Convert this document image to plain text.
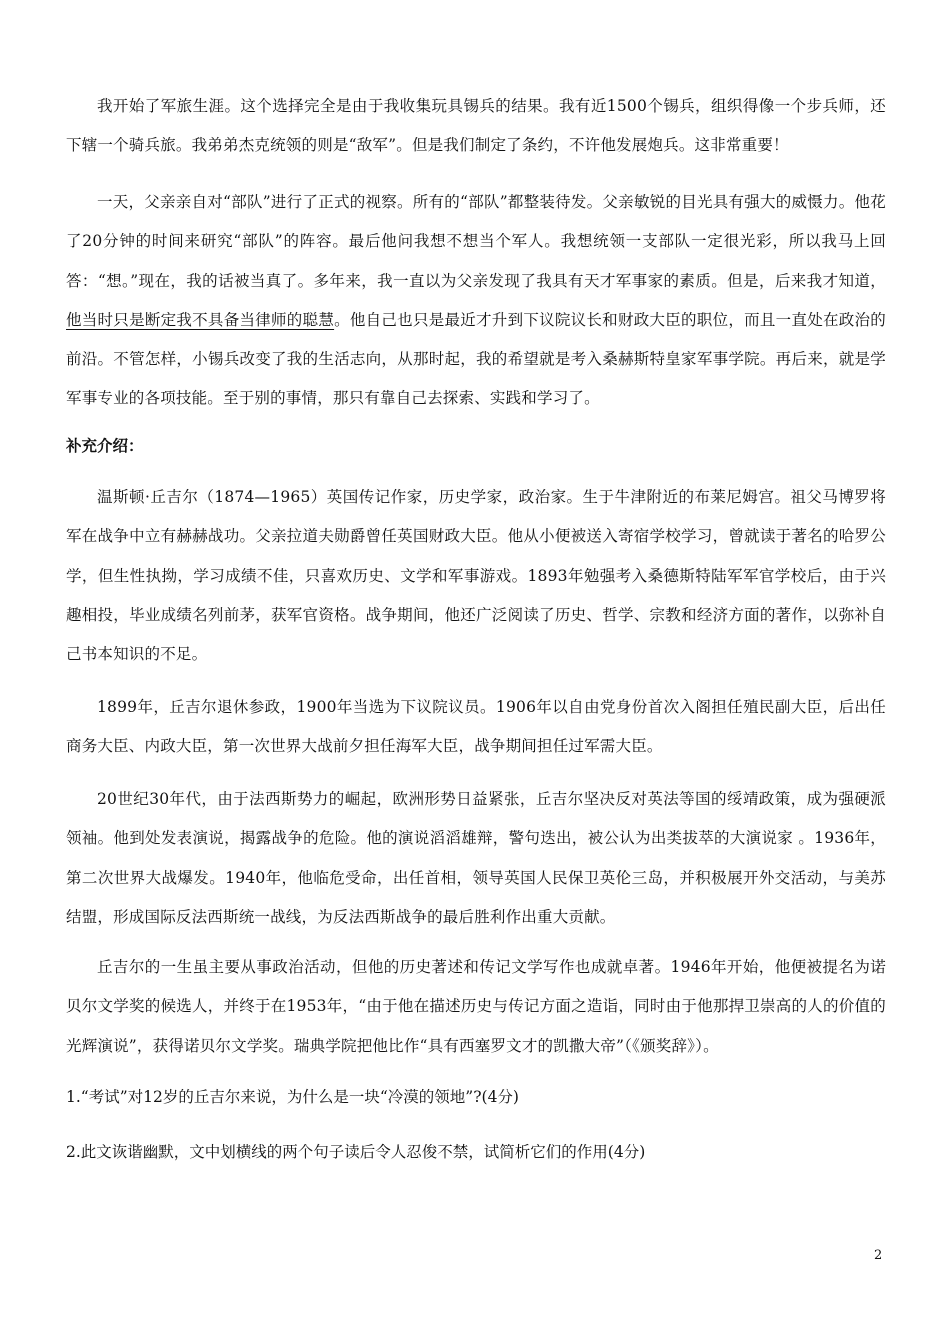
我开始了军旅生涯。这个选择完全是由于我收集玩具锡兵的结果。我有近1500个锡兵，组织得像一个步兵师，还下辖一个骑兵旅。我弟弟杰克统领的则是“敌军”。但是我们制定了条约，不许他发展炮兵。这非常重要！

一天，父亲亲自对“部队”进行了正式的视察。所有的“部队”都整装待发。父亲敏锐的目光具有强大的威慑力。他花了20分钟的时间来研究“部队”的阵容。最后他问我想不想当个军人。我想统领一支部队一定很光彩，所以我马上回答：“想。”现在，我的话被当真了。多年来，我一直以为父亲发现了我具有天才军事家的素质。但是，后来我才知道，他当时只是断定我不具备当律师的聪慧。他自己也只是最近才升到下议院议长和财政大臣的职位，而且一直处在政治的前沿。不管怎样，小锡兵改变了我的生活志向，从那时起，我的希望就是考入桑赫斯特皇家军事学院。再后来，就是学军事专业的各项技能。至于别的事情，那只有靠自己去探索、实践和学习了。

补充介绍：

温斯顿·丘吉尔（1874—1965）英国传记作家，历史学家，政治家。生于牛津附近的布莱尼姆宫。祖父马博罗将军在战争中立有赫赫战功。父亲拉道夫勋爵曾任英国财政大臣。他从小便被送入寄宿学校学习，曾就读于著名的哈罗公学，但生性执拗，学习成绩不佳，只喜欢历史、文学和军事游戏。1893年勉强考入桑德斯特陆军军官学校后，由于兴趣相投，毕业成绩名列前茅，获军官资格。战争期间，他还广泛阅读了历史、哲学、宗教和经济方面的著作，以弥补自己书本知识的不足。

1899年，丘吉尔退休参政，1900年当选为下议院议员。1906年以自由党身份首次入阁担任殖民副大臣，后出任商务大臣、内政大臣，第一次世界大战前夕担任海军大臣，战争期间担任过军需大臣。

20世纪30年代，由于法西斯势力的崛起，欧洲形势日益紧张，丘吉尔坚决反对英法等国的绥靖政策，成为强硬派领袖。他到处发表演说，揭露战争的危险。他的演说滔滔雄辩，警句迭出，被公认为出类拔萃的大演说家 。1936年，第二次世界大战爆发。1940年，他临危受命，出任首相，领导英国人民保卫英伦三岛，并积极展开外交活动，与美苏结盟，形成国际反法西斯统一战线，为反法西斯战争的最后胜利作出重大贡献。

丘吉尔的一生虽主要从事政治活动，但他的历史著述和传记文学写作也成就卓著。1946年开始，他便被提名为诺贝尔文学奖的候选人，并终于在1953年，“由于他在描述历史与传记方面之造诣，同时由于他那捍卫崇高的人的价值的光辉演说”，获得诺贝尔文学奖。瑞典学院把他比作“具有西塞罗文才的凯撒大帝”（《颁奖辞》）。

1.“考试”对12岁的丘吉尔来说，为什么是一块“冷漠的领地”?(4分)

2.此文诙谐幽默，文中划横线的两个句子读后令人忍俊不禁，试简析它们的作用(4分)

2
